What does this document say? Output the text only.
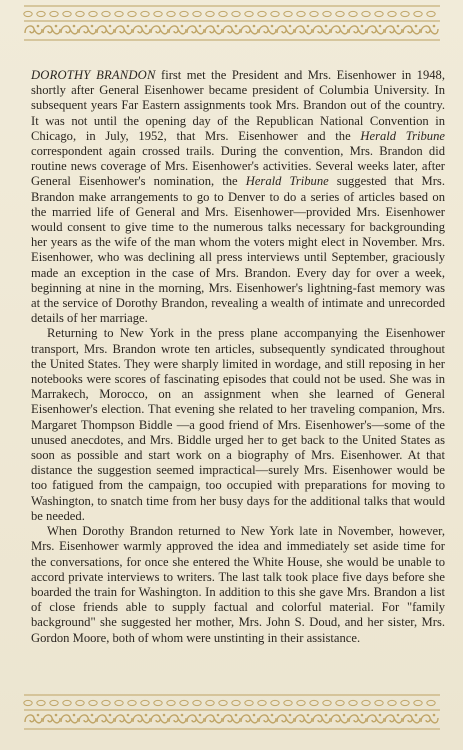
DOROTHY BRANDON first met the President and Mrs. Eisenhower in 1948, shortly after General Eisenhower became president of Columbia University. In subsequent years Far Eastern assignments took Mrs. Brandon out of the country. It was not until the opening day of the Republican National Convention in Chicago, in July, 1952, that Mrs. Eisenhower and the Herald Tribune correspondent again crossed trails. During the convention, Mrs. Brandon did routine news coverage of Mrs. Eisenhower's activities. Several weeks later, after General Eisenhower's nomination, the Herald Tribune suggested that Mrs. Brandon make arrangements to go to Denver to do a series of articles based on the married life of General and Mrs. Eisenhower—provided Mrs. Eisenhower would consent to give time to the numerous talks necessary for backgrounding her years as the wife of the man whom the voters might elect in November. Mrs. Eisenhower, who was declining all press interviews until September, graciously made an exception in the case of Mrs. Brandon. Every day for over a week, beginning at nine in the morning, Mrs. Eisenhower's lightning-fast memory was at the service of Dorothy Brandon, revealing a wealth of intimate and unrecorded details of her marriage.

Returning to New York in the press plane accompanying the Eisenhower transport, Mrs. Brandon wrote ten articles, subsequently syndicated throughout the United States. They were sharply limited in wordage, and still reposing in her notebooks were scores of fascinating episodes that could not be used. She was in Marrakech, Morocco, on an assignment when she learned of General Eisenhower's election. That evening she related to her traveling companion, Mrs. Margaret Thompson Biddle —a good friend of Mrs. Eisenhower's—some of the unused anecdotes, and Mrs. Biddle urged her to get back to the United States as soon as possible and start work on a biography of Mrs. Eisenhower. At that distance the suggestion seemed impractical—surely Mrs. Eisenhower would be too fatigued from the campaign, too occupied with preparations for moving to Washington, to snatch time from her busy days for the additional talks that would be needed.

When Dorothy Brandon returned to New York late in November, however, Mrs. Eisenhower warmly approved the idea and immediately set aside time for the conversations, for once she entered the White House, she would be unable to accord private interviews to writers. The last talk took place five days before she boarded the train for Washington. In addition to this she gave Mrs. Brandon a list of close friends able to supply factual and colorful material. For "family background" she suggested her mother, Mrs. John S. Doud, and her sister, Mrs. Gordon Moore, both of whom were unstinting in their assistance.
